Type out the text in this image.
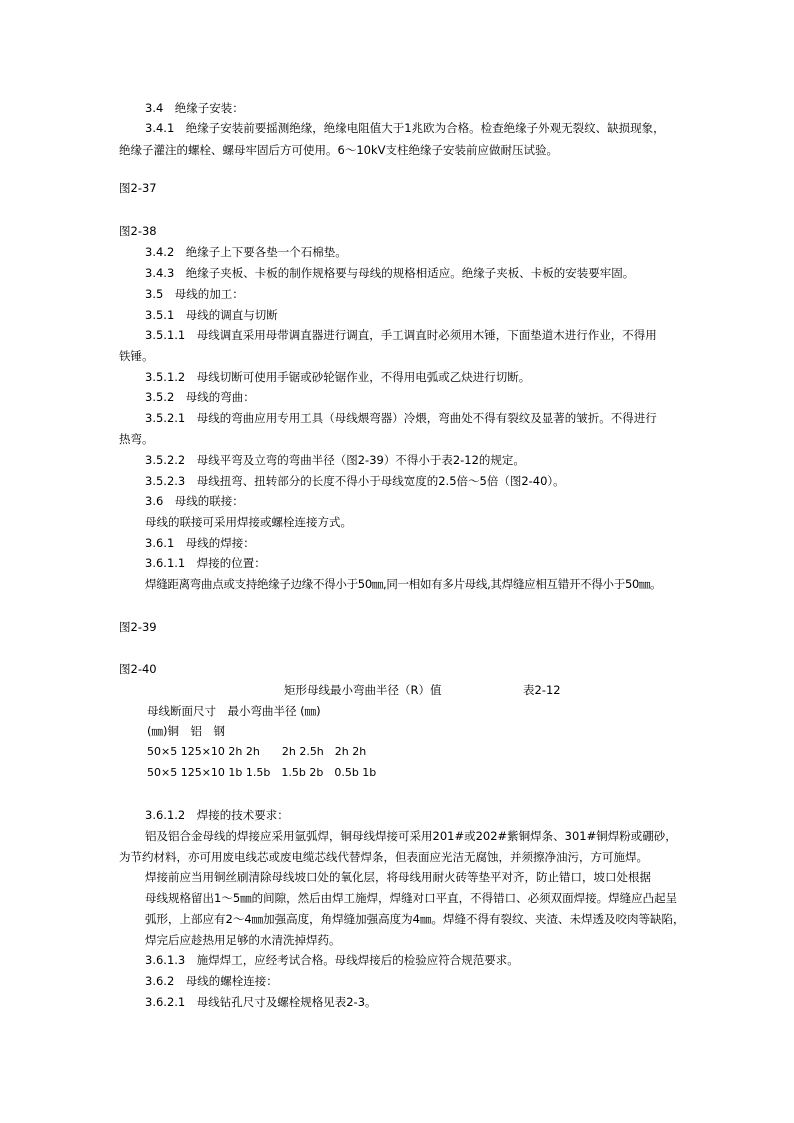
3.4　绝缘子安装：
3.4.1　绝缘子安装前要摇测绝缘，绝缘电阻值大于1兆欧为合格。检查绝缘子外观无裂纹、缺损现象，
绝缘子灌注的螺栓、螺母牢固后方可使用。6～10kV支柱绝缘子安装前应做耐压试验。
图2-37
图2-38
3.4.2　绝缘子上下要各垫一个石棉垫。
3.4.3　绝缘子夹板、卡板的制作规格要与母线的规格相适应。绝缘子夹板、卡板的安装要牢固。
3.5　母线的加工：
3.5.1　母线的调直与切断
3.5.1.1　母线调直采用母带调直器进行调直，手工调直时必须用木锤，下面垫道木进行作业，不得用
铁锤。
3.5.1.2　母线切断可使用手锯或砂轮锯作业，不得用电弧或乙炔进行切断。
3.5.2　母线的弯曲：
3.5.2.1　母线的弯曲应用专用工具（母线煨弯器）冷煨，弯曲处不得有裂纹及显著的皱折。不得进行
热弯。
3.5.2.2　母线平弯及立弯的弯曲半径（图2-39）不得小于表2-12的规定。
3.5.2.3　母线扭弯、扭转部分的长度不得小于母线宽度的2.5倍～5倍（图2-40）。
3.6　母线的联接：
母线的联接可采用焊接或螺栓连接方式。
3.6.1　母线的焊接：
3.6.1.1　焊接的位置：
焊缝距离弯曲点或支持绝缘子边缘不得小于50㎜,同一相如有多片母线,其焊缝应相互错开不得小于50㎜。
图2-39
图2-40
矩形母线最小弯曲半径（R）值	表2-12
母线断面尺寸　最小弯曲半径 (㎜)
(㎜)铜　铝　钢
50×5 125×10 2h 2h　　2h 2.5h　2h 2h
50×5 125×10 1b 1.5b　1.5b 2b　0.5b 1b
3.6.1.2　焊接的技术要求：
铝及铝合金母线的焊接应采用氩弧焊，铜母线焊接可采用201#或202#紫铜焊条、301#铜焊粉或硼砂，
为节约材料，亦可用废电线芯或废电缆芯线代替焊条，但表面应光洁无腐蚀，并须擦净油污，方可施焊。
焊接前应当用铜丝刷清除母线坡口处的氧化层，将母线用耐火砖等垫平对齐，防止错口，坡口处根据
母线规格留出1～5㎜的间隙，然后由焊工施焊，焊缝对口平直，不得错口、必须双面焊接。焊缝应凸起呈
弧形，上部应有2～4㎜加强高度，角焊缝加强高度为4㎜。焊缝不得有裂纹、夹渣、未焊透及咬肉等缺陷，
焊完后应趁热用足够的水清洗掉焊药。
3.6.1.3　施焊焊工，应经考试合格。母线焊接后的检验应符合规范要求。
3.6.2　母线的螺栓连接：
3.6.2.1　母线钻孔尺寸及螺栓规格见表2-3。
